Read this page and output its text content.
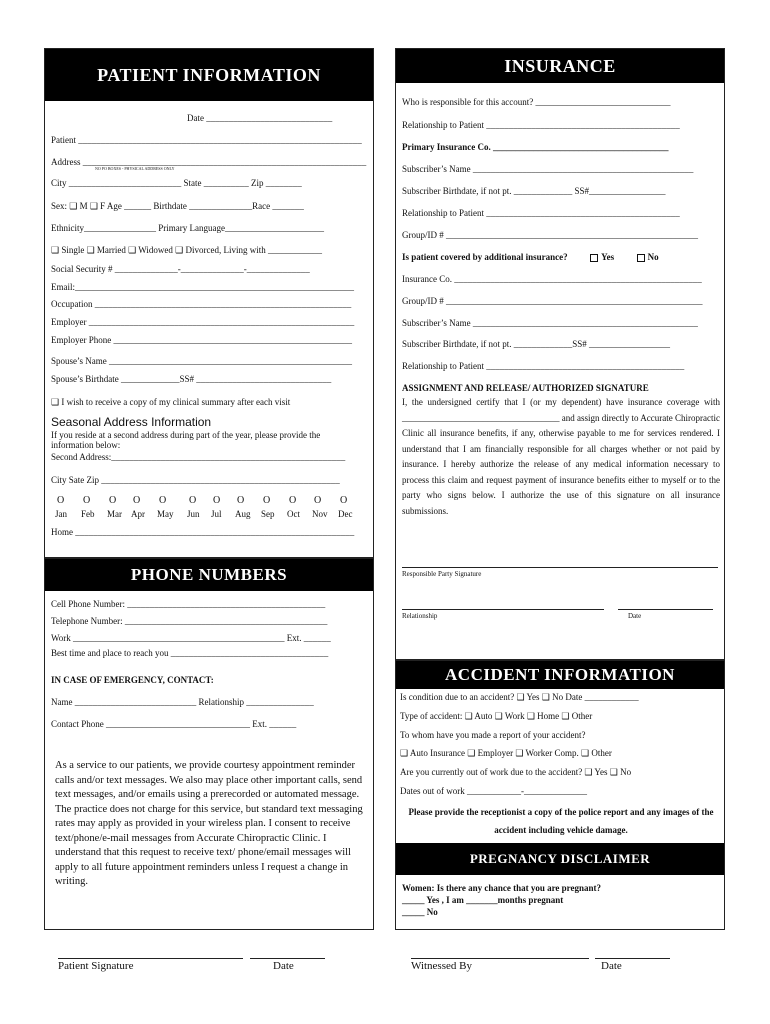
PATIENT INFORMATION
Date ____________________________
Patient _______________________________________________________________
Address _______________________________________________________________
NO PO BOXES - PHYSICAL ADDRESS ONLY
City _________________________ State __________ Zip ________
Sex: ❑ M ❑ F Age ______ Birthdate ______________Race _______
Ethnicity________________ Primary Language______________________
❑ Single ❑ Married ❑ Widowed ❑ Divorced, Living with ____________
Social Security # ______________-______________-______________
Email:______________________________________________________________
Occupation _________________________________________________________
Employer ___________________________________________________________
Employer Phone _____________________________________________________
Spouse’s Name ______________________________________________________
Spouse’s Birthdate _____________SS# ______________________________
❑ I wish to receive a copy of my clinical summary after each visit
Seasonal Address Information
If you reside at a second address during part of the year, please provide the information below:
Second Address:____________________________________________________
City Sate Zip _____________________________________________________
O
Jan
O
Feb
O
Mar
O
Apr
O
May
O
Jun
O
Jul
O
Aug
O
Sep
O
Oct
O
Nov
O
Dec
Home ______________________________________________________________
PHONE NUMBERS
Cell Phone Number: ____________________________________________
Telephone Number: _____________________________________________
Work _______________________________________________ Ext. ______
Best time and place to reach you ___________________________________
IN CASE OF EMERGENCY, CONTACT:
Name ___________________________ Relationship _______________
Contact Phone ________________________________ Ext. ______
As a service to our patients, we provide courtesy appointment reminder calls and/or text messages. We also may place other important calls, send text messages, and/or emails using a prerecorded or automated message. The practice does not charge for this service, but standard text messaging rates may apply as provided in your wireless plan. I consent to receive text/phone/e-mail messages from Accurate Chiropractic Clinic. I understand that this request to receive text/ phone/email messages will apply to all future appointment reminders unless I request a change in writing.
INSURANCE
Who is responsible for this account? ______________________________
Relationship to Patient ___________________________________________
Primary Insurance Co. _______________________________________
Subscriber’s Name _________________________________________________
Subscriber Birthdate, if not pt. _____________ SS#_________________
Relationship to Patient ___________________________________________
Group/ID # ________________________________________________________
Is patient covered by additional insurance?	Yes	No
Insurance Co. _______________________________________________________
Group/ID # _________________________________________________________
Subscriber’s Name __________________________________________________
Subscriber Birthdate, if not pt. _____________SS# __________________
Relationship to Patient ____________________________________________
ASSIGNMENT AND RELEASE/ AUTHORIZED SIGNATURE
I, the undersigned certify that I (or my dependent) have insurance coverage with ___________________________________ and assign directly to Accurate Chiropractic Clinic all insurance benefits, if any, otherwise payable to me for services rendered. I understand that I am financially responsible for all charges whether or not paid by insurance. I hereby authorize the release of any medical information necessary to process this claim and request payment of insurance benefits either to myself or to the party who signs below. I authorize the use of this signature on all insurance submissions.
Responsible Party Signature
Relationship	Date
ACCIDENT INFORMATION
Is condition due to an accident? ❑ Yes ❑ No Date ____________
Type of accident: ❑ Auto ❑ Work ❑ Home ❑ Other
To whom have you made a report of your accident?
❑ Auto Insurance ❑ Employer ❑ Worker Comp. ❑ Other
Are you currently out of work due to the accident? ❑ Yes ❑ No
Dates out of work ____________-______________
Please provide the receptionist a copy of the police report and any images of the accident including vehicle damage.
PREGNANCY DISCLAIMER
Women: Is there any chance that you are pregnant?
_____ Yes , I am _______months pregnant
_____ No
Patient Signature	Date	Witnessed By	Date
